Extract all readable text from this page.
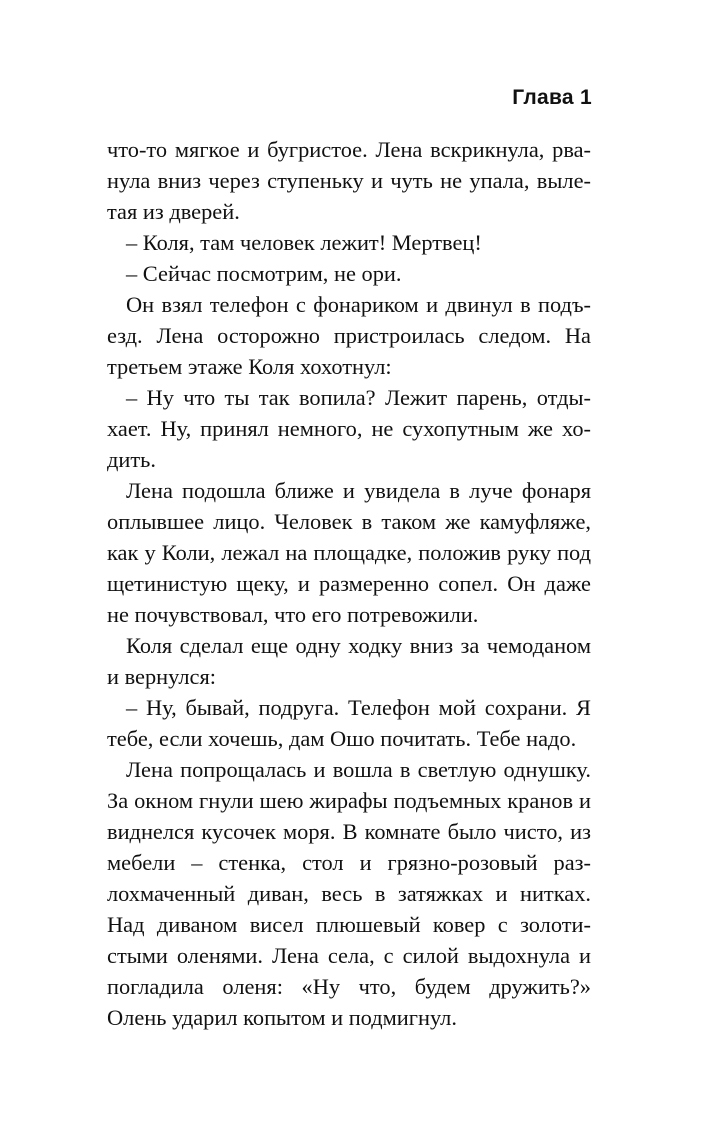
Глава 1

что-то мягкое и бугристое. Лена вскрикнула, рванула вниз через ступеньку и чуть не упала, вылетая из дверей.

– Коля, там человек лежит! Мертвец!

– Сейчас посмотрим, не ори.

Он взял телефон с фонариком и двинул в подъезд. Лена осторожно пристроилась следом. На третьем этаже Коля хохотнул:

– Ну что ты так вопила? Лежит парень, отдыхает. Ну, принял немного, не сухопутным же ходить.

Лена подошла ближе и увидела в луче фонаря оплывшее лицо. Человек в таком же камуфляже, как у Коли, лежал на площадке, положив руку под щетинистую щеку, и размеренно сопел. Он даже не почувствовал, что его потревожили.

Коля сделал еще одну ходку вниз за чемоданом и вернулся:

– Ну, бывай, подруга. Телефон мой сохрани. Я тебе, если хочешь, дам Ошо почитать. Тебе надо.

Лена попрощалась и вошла в светлую однушку. За окном гнули шею жирафы подъемных кранов и виднелся кусочек моря. В комнате было чисто, из мебели – стенка, стол и грязно-розовый разлохмаченный диван, весь в затяжках и нитках. Над диваном висел плюшевый ковер с золотистыми оленями. Лена села, с силой выдохнула и погладила оленя: «Ну что, будем дружить?» Олень ударил копытом и подмигнул.
